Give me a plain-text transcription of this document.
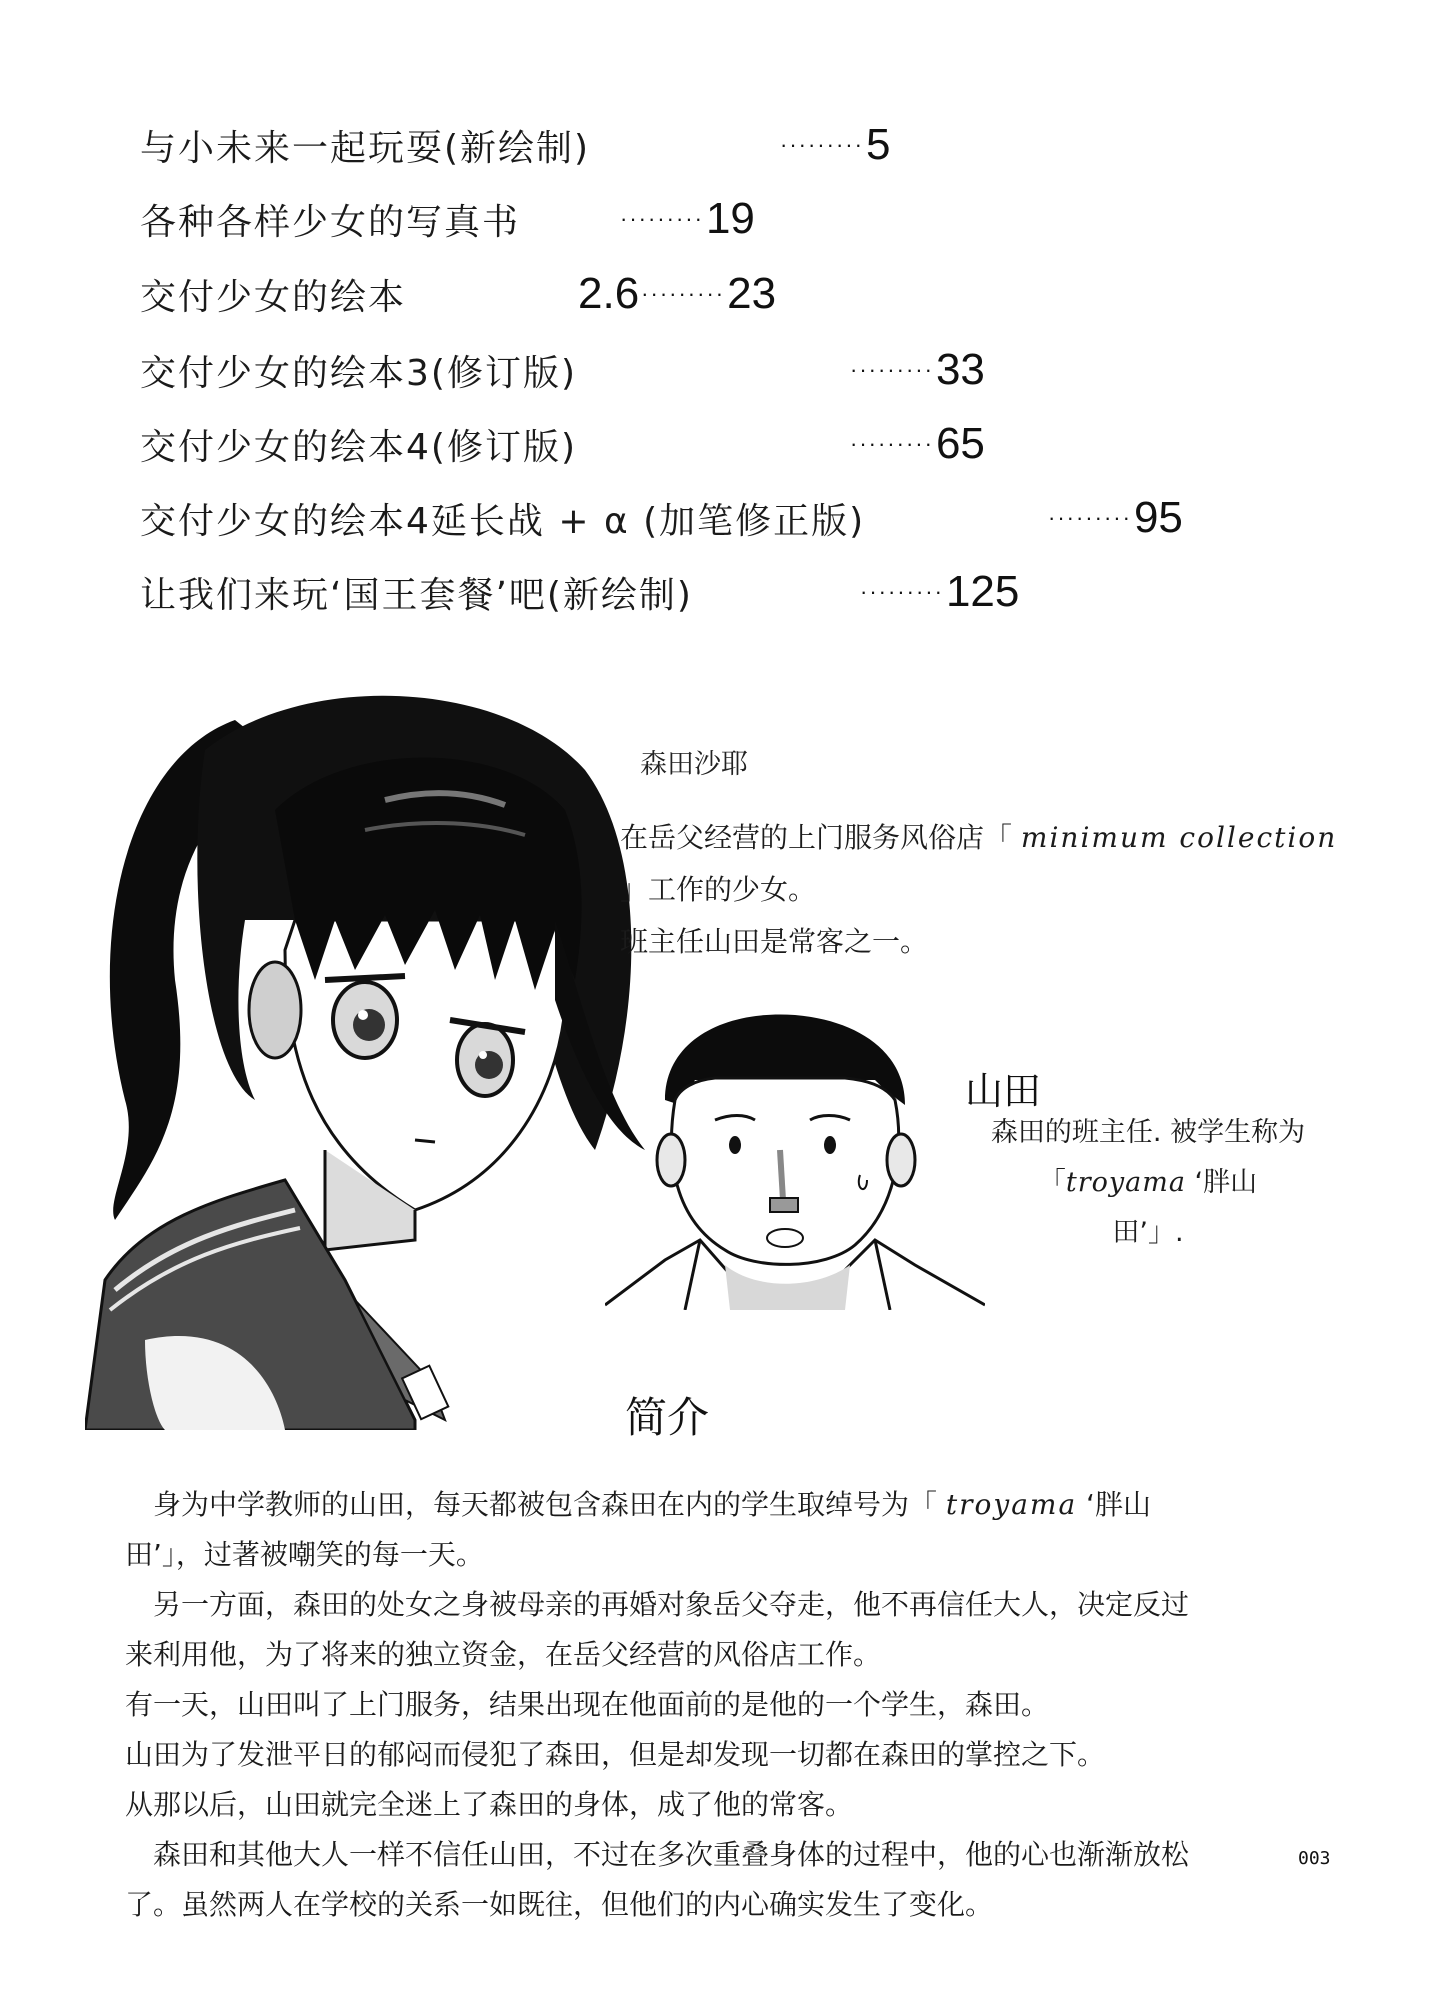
与小未来一起玩耍(新绘制)	········· 5
各种各样少女的写真书	········· 19
交付少女的绘本	2.6 ········· 23
交付少女的绘本3(修订版)	········· 33
交付少女的绘本4(修订版)	········· 65
交付少女的绘本4延长战 + α (加笔修正版)	········· 95
让我们来玩‘国王套餐’吧(新绘制)	········· 125
森田沙耶
在岳父经营的上门服务风俗店「 minimum collection
」工作的少女。
班主任山田是常客之一。
山田
森田的班主任. 被学生称为
「troyama ‘胖山
田’」.
简介

　身为中学教师的山田，每天都被包含森田在内的学生取绰号为「 troyama ‘胖山

田’」，过著被嘲笑的每一天。

　另一方面，森田的处女之身被母亲的再婚对象岳父夺走，他不再信任大人，决定反过

来利用他，为了将来的独立资金，在岳父经营的风俗店工作。

有一天，山田叫了上门服务，结果出现在他面前的是他的一个学生，森田。

山田为了发泄平日的郁闷而侵犯了森田，但是却发现一切都在森田的掌控之下。

从那以后，山田就完全迷上了森田的身体，成了他的常客。

　森田和其他大人一样不信任山田，不过在多次重叠身体的过程中，他的心也渐渐放松

了。虽然两人在学校的关系一如既往，但他们的内心确实发生了变化。

003
